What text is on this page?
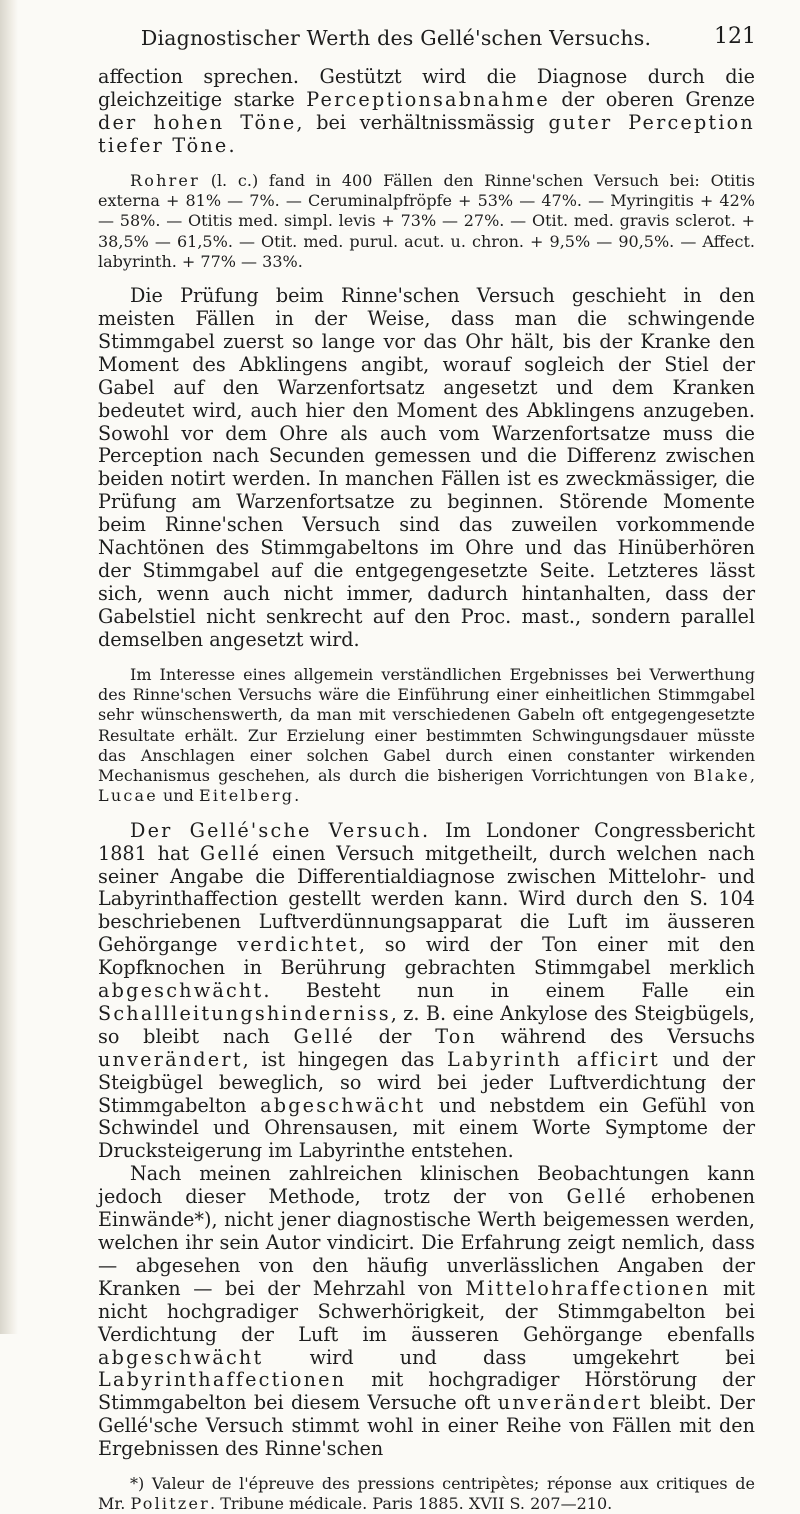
Diagnostischer Werth des Gellé'schen Versuchs.	121

affection sprechen. Gestützt wird die Diagnose durch die gleichzeitige starke Perceptionsabnahme der oberen Grenze der hohen Töne, bei verhältnissmässig guter Perception tiefer Töne.

Rohrer (l. c.) fand in 400 Fällen den Rinne'schen Versuch bei: Otitis externa + 81% — 7%. — Ceruminalpfröpfe + 53% — 47%. — Myringitis + 42% — 58%. — Otitis med. simpl. levis + 73% — 27%. — Otit. med. gravis sclerot. + 38,5% — 61,5%. — Otit. med. purul. acut. u. chron. + 9,5% — 90,5%. — Affect. labyrinth. + 77% — 33%.

Die Prüfung beim Rinne'schen Versuch geschieht in den meisten Fällen in der Weise, dass man die schwingende Stimmgabel zuerst so lange vor das Ohr hält, bis der Kranke den Moment des Abklingens angibt, worauf sogleich der Stiel der Gabel auf den Warzenfortsatz angesetzt und dem Kranken bedeutet wird, auch hier den Moment des Abklingens anzugeben. Sowohl vor dem Ohre als auch vom Warzenfortsatze muss die Perception nach Secunden gemessen und die Differenz zwischen beiden notirt werden. In manchen Fällen ist es zweckmässiger, die Prüfung am Warzenfortsatze zu beginnen. Störende Momente beim Rinne'schen Versuch sind das zuweilen vorkommende Nachtönen des Stimmgabeltons im Ohre und das Hinüberhören der Stimmgabel auf die entgegengesetzte Seite. Letzteres lässt sich, wenn auch nicht immer, dadurch hintanhalten, dass der Gabelstiel nicht senkrecht auf den Proc. mast., sondern parallel demselben angesetzt wird.

Im Interesse eines allgemein verständlichen Ergebnisses bei Verwerthung des Rinne'schen Versuchs wäre die Einführung einer einheitlichen Stimmgabel sehr wünschenswerth, da man mit verschiedenen Gabeln oft entgegengesetzte Resultate erhält. Zur Erzielung einer bestimmten Schwingungsdauer müsste das Anschlagen einer solchen Gabel durch einen constanter wirkenden Mechanismus geschehen, als durch die bisherigen Vorrichtungen von Blake, Lucae und Eitelberg.

Der Gellé'sche Versuch. Im Londoner Congressbericht 1881 hat Gellé einen Versuch mitgetheilt, durch welchen nach seiner Angabe die Differentialdiagnose zwischen Mittelohr- und Labyrinthaffection gestellt werden kann. Wird durch den S. 104 beschriebenen Luftverdünnungsapparat die Luft im äusseren Gehörgange verdichtet, so wird der Ton einer mit den Kopfknochen in Berührung gebrachten Stimmgabel merklich abgeschwächt. Besteht nun in einem Falle ein Schallleitungshinderniss, z. B. eine Ankylose des Steigbügels, so bleibt nach Gellé der Ton während des Versuchs unverändert, ist hingegen das Labyrinth afficirt und der Steigbügel beweglich, so wird bei jeder Luftverdichtung der Stimmgabelton abgeschwächt und nebstdem ein Gefühl von Schwindel und Ohrensausen, mit einem Worte Symptome der Drucksteigerung im Labyrinthe entstehen.

Nach meinen zahlreichen klinischen Beobachtungen kann jedoch dieser Methode, trotz der von Gellé erhobenen Einwände*), nicht jener diagnostische Werth beigemessen werden, welchen ihr sein Autor vindicirt. Die Erfahrung zeigt nemlich, dass — abgesehen von den häufig unverlässlichen Angaben der Kranken — bei der Mehrzahl von Mittelohraffectionen mit nicht hochgradiger Schwerhörigkeit, der Stimmgabelton bei Verdichtung der Luft im äusseren Gehörgange ebenfalls abgeschwächt wird und dass umgekehrt bei Labyrinthaffectionen mit hochgradiger Hörstörung der Stimmgabelton bei diesem Versuche oft unverändert bleibt. Der Gellé'sche Versuch stimmt wohl in einer Reihe von Fällen mit den Ergebnissen des Rinne'schen

*) Valeur de l'épreuve des pressions centripètes; réponse aux critiques de Mr. Politzer. Tribune médicale. Paris 1885. XVII S. 207—210.
